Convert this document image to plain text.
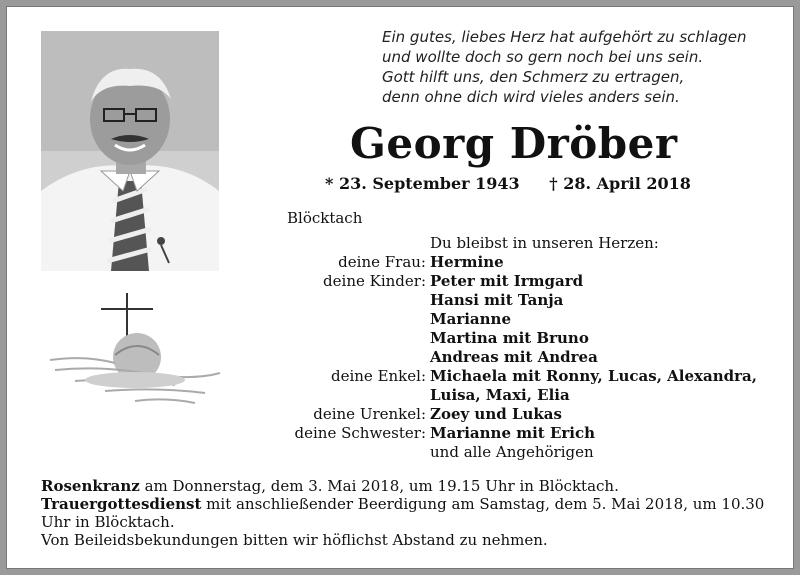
Ein gutes, liebes Herz hat aufgehört zu schlagen
und wollte doch so gern noch bei uns sein.
Gott hilft uns, den Schmerz zu ertragen,
denn ohne dich wird vieles anders sein.
Georg Dröber
* 23. September 1943 † 28. April 2018
Blöcktach
Du bleibst in unseren Herzen:
deine Frau: Hermine
deine Kinder: Peter mit Irmgard
Hansi mit Tanja
Marianne
Martina mit Bruno
Andreas mit Andrea
deine Enkel: Michaela mit Ronny, Lucas, Alexandra,
Luisa, Maxi, Elia
deine Urenkel: Zoey und Lukas
deine Schwester: Marianne mit Erich
und alle Angehörigen

Rosenkranz am Donnerstag, dem 3. Mai 2018, um 19.15 Uhr in Blöcktach.

Trauergottesdienst mit anschließender Beerdigung am Samstag, dem 5. Mai 2018, um 10.30 Uhr in Blöcktach.

Von Beileidsbekundungen bitten wir höflichst Abstand zu nehmen.
